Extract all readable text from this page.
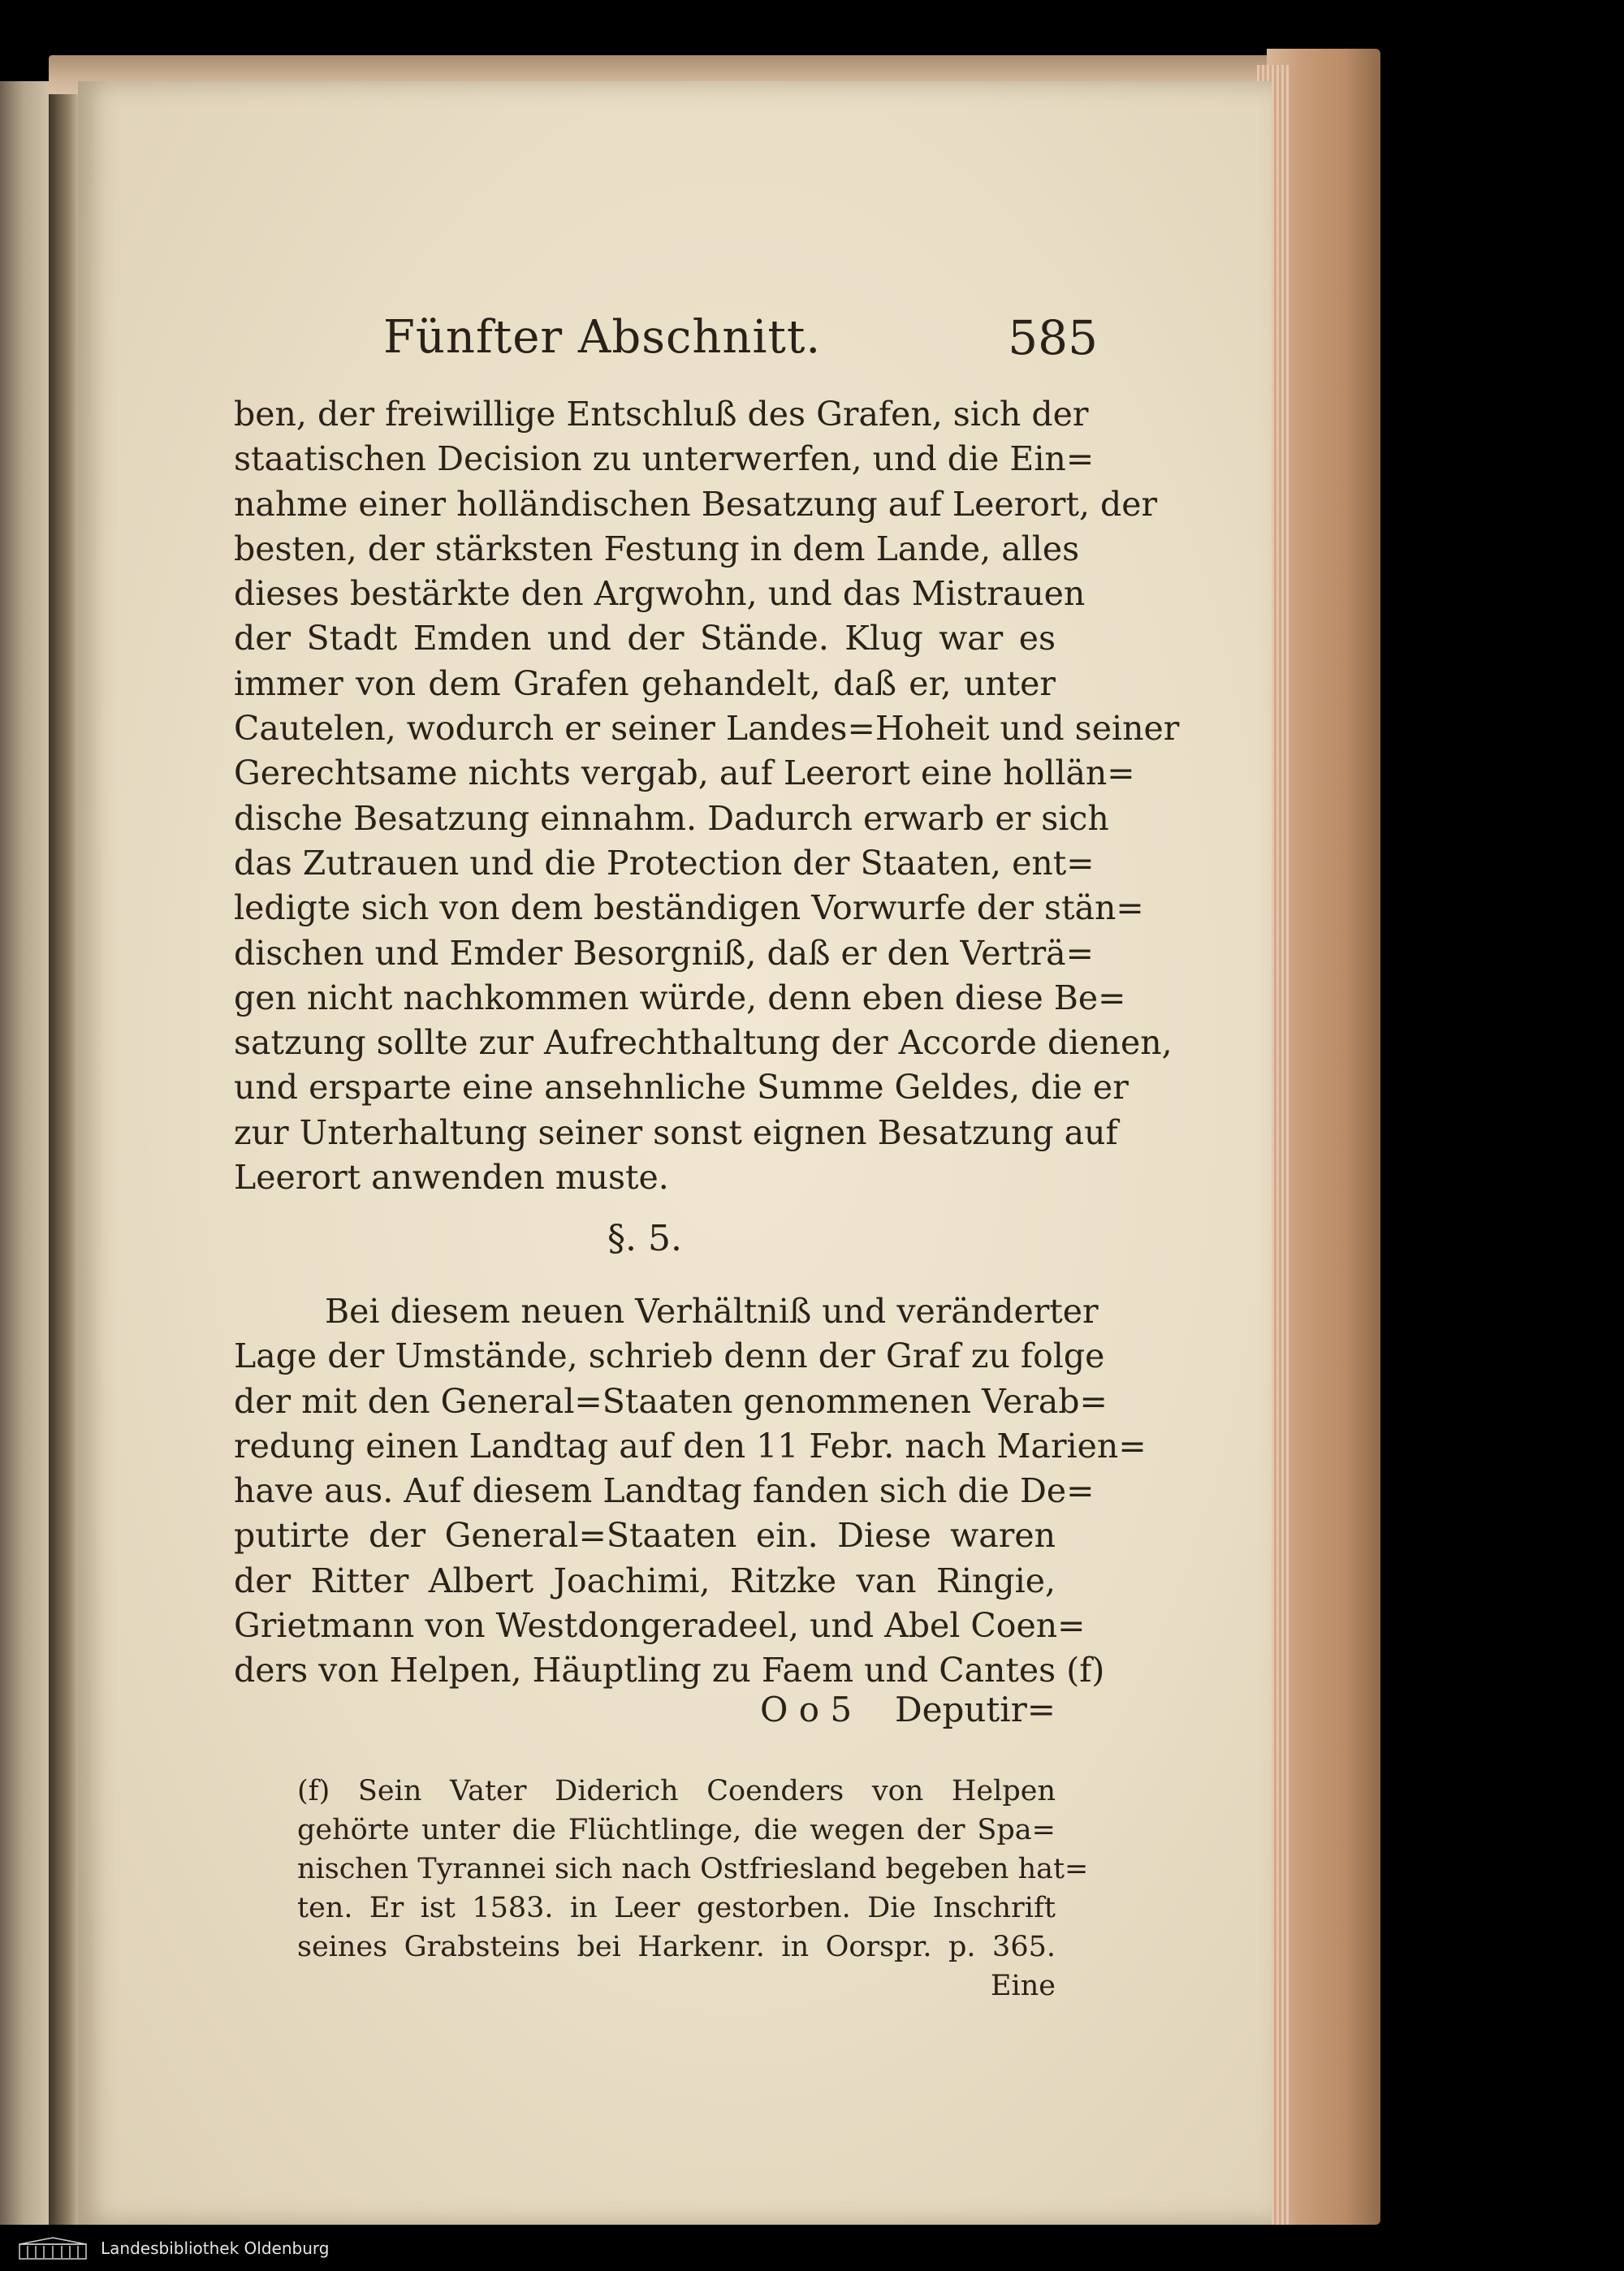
Fünfter Abschnitt.	585
ben, der freiwillige Entschluß des Grafen, sich der
staatischen Decision zu unterwerfen, und die Ein=
nahme einer holländischen Besatzung auf Leerort, der
besten, der stärksten Festung in dem Lande, alles
dieses bestärkte den Argwohn, und das Mistrauen
der Stadt Emden und der Stände. Klug war es
immer von dem Grafen gehandelt, daß er, unter
Cautelen, wodurch er seiner Landes=Hoheit und seiner
Gerechtsame nichts vergab, auf Leerort eine hollän=
dische Besatzung einnahm. Dadurch erwarb er sich
das Zutrauen und die Protection der Staaten, ent=
ledigte sich von dem beständigen Vorwurfe der stän=
dischen und Emder Besorgniß, daß er den Verträ=
gen nicht nachkommen würde, denn eben diese Be=
satzung sollte zur Aufrechthaltung der Accorde dienen,
und ersparte eine ansehnliche Summe Geldes, die er
zur Unterhaltung seiner sonst eignen Besatzung auf
Leerort anwenden muste.
§. 5.
Bei diesem neuen Verhältniß und veränderter
Lage der Umstände, schrieb denn der Graf zu folge
der mit den General=Staaten genommenen Verab=
redung einen Landtag auf den 11 Febr. nach Marien=
have aus. Auf diesem Landtag fanden sich die De=
putirte der General=Staaten ein. Diese waren
der Ritter Albert Joachimi, Ritzke van Ringie,
Grietmann von Westdongeradeel, und Abel Coen=
ders von Helpen, Häuptling zu Faem und Cantes (f)
O o 5 Deputir=
(f) Sein Vater Diderich Coenders von Helpen
gehörte unter die Flüchtlinge, die wegen der Spa=
nischen Tyrannei sich nach Ostfriesland begeben hat=
ten. Er ist 1583. in Leer gestorben. Die Inschrift
seines Grabsteins bei Harkenr. in Oorspr. p. 365.
Eine
Landesbibliothek Oldenburg
